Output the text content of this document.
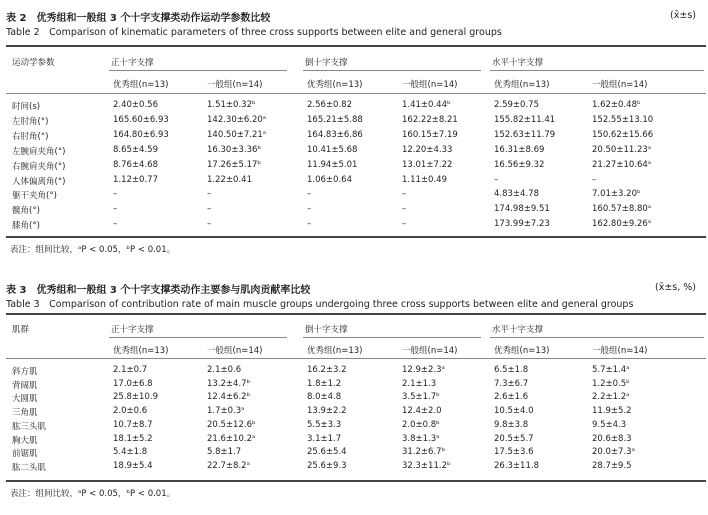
表 2　优秀组和一般组 3 个十字支撑类动作运动学参数比较
Table 2　Comparison of kinematic parameters of three cross supports between elite and general groups
(x̄±s)
运动学参数	正十字支撑	倒十字支撑	水平十字支撑
优秀组(n=13)	一般组(n=14)	优秀组(n=13)	一般组(n=14)	优秀组(n=13)	一般组(n=14)
时间(s)	2.40±0.56	1.51±0.32ᵇ	2.56±0.82	1.41±0.44ᵇ	2.59±0.75	1.62±0.48ᵇ
左肘角(°)	165.60±6.93	142.30±6.20ᵃ	165.21±5.88	162.22±8.21	155.82±11.41	152.55±13.10
右肘角(°)	164.80±6.93	140.50±7.21ᵃ	164.83±6.86	160.15±7.19	152.63±11.79	150.62±15.66
左腕肩夹角(°)	8.65±4.59	16.30±3.36ᵇ	10.41±5.68	12.20±4.33	16.31±8.69	20.50±11.23ᵃ
右腕肩夹角(°)	8.76±4.68	17.26±5.17ᵇ	11.94±5.01	13.01±7.22	16.56±9.32	21.27±10.64ᵃ
人体偏离角(°)	1.12±0.77	1.22±0.41	1.06±0.64	1.11±0.49	–	–
躯干夹角(°)	–	–	–	–	4.83±4.78	7.01±3.20ᵇ
髋角(°)	–	–	–	–	174.98±9.51	160.57±8.80ᵃ
膝角(°)	–	–	–	–	173.99±7.23	162.80±9.26ᵃ
表注：组间比较，ᵃP < 0.05，ᵇP < 0.01。
表 3　优秀组和一般组 3 个十字支撑类动作主要参与肌肉贡献率比较
Table 3　Comparison of contribution rate of main muscle groups undergoing three cross supports between elite and general groups
(x̄±s, %)
肌群	正十字支撑	倒十字支撑	水平十字支撑
优秀组(n=13)	一般组(n=14)	优秀组(n=13)	一般组(n=14)	优秀组(n=13)	一般组(n=14)
斜方肌	2.1±0.7	2.1±0.6	16.2±3.2	12.9±2.3ᵃ	6.5±1.8	5.7±1.4ᵃ
背阔肌	17.0±6.8	13.2±4.7ᵇ	1.8±1.2	2.1±1.3	7.3±6.7	1.2±0.5ᵇ
大圆肌	25.8±10.9	12.4±6.2ᵇ	8.0±4.8	3.5±1.7ᵇ	2.6±1.6	2.2±1.2ᵃ
三角肌	2.0±0.6	1.7±0.3ᵃ	13.9±2.2	12.4±2.0	10.5±4.0	11.9±5.2
肱三头肌	10.7±8.7	20.5±12.6ᵇ	5.5±3.3	2.0±0.8ᵇ	9.8±3.8	9.5±4.3
胸大肌	18.1±5.2	21.6±10.2ᵃ	3.1±1.7	3.8±1.3ᵃ	20.5±5.7	20.6±8.3
前锯肌	5.4±1.8	5.8±1.7	25.6±5.4	31.2±6.7ᵇ	17.5±3.6	20.0±7.3ᵃ
肱二头肌	18.9±5.4	22.7±8.2ᵃ	25.6±9.3	32.3±11.2ᵇ	26.3±11.8	28.7±9.5
表注：组间比较，ᵃP < 0.05，ᵇP < 0.01。
